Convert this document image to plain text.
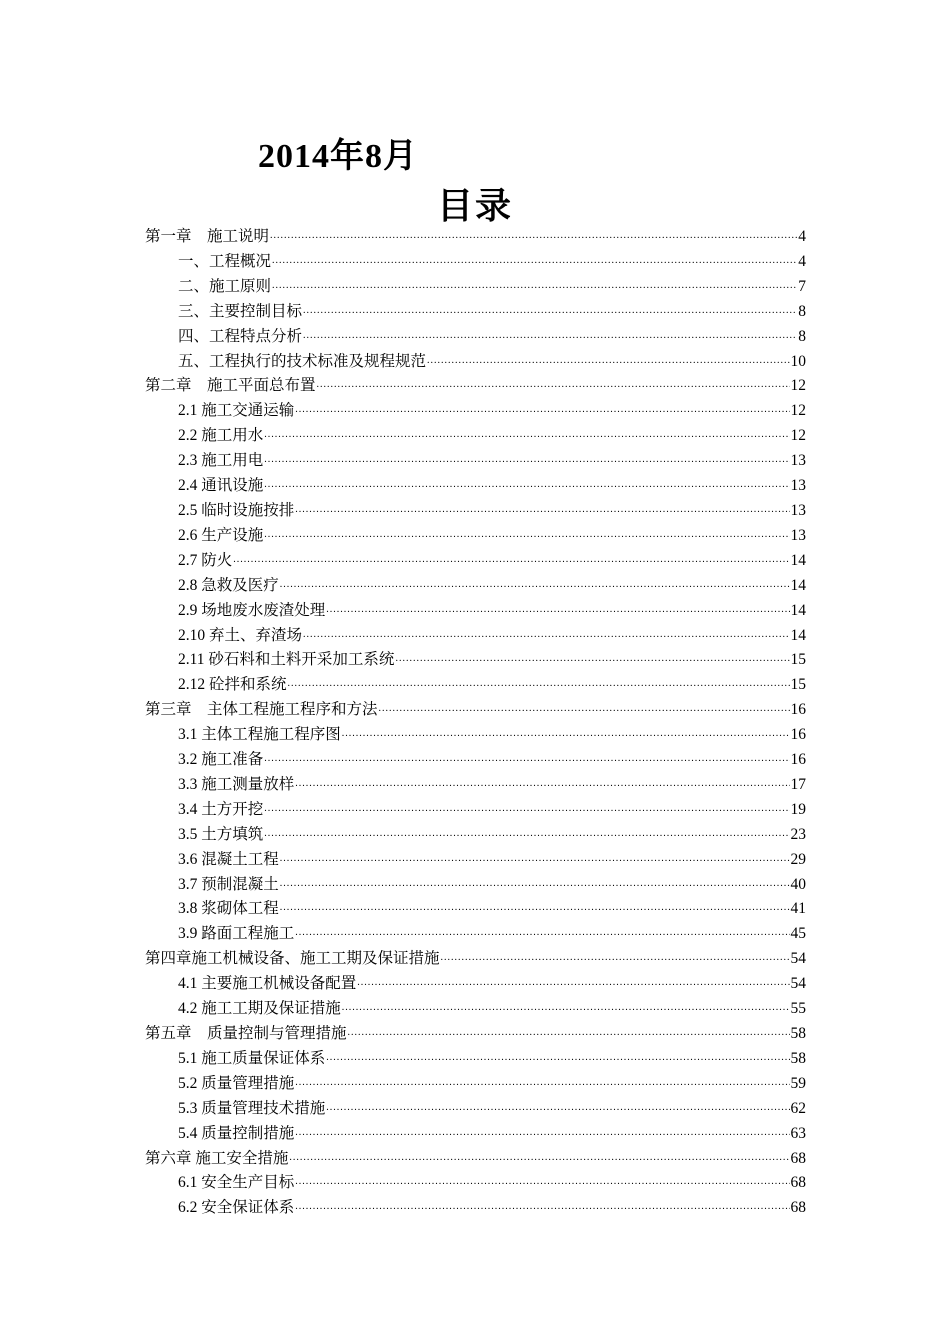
2014年8月
目录
第一章　施工说明 .....	4
一、工程概况 .....	4
二、施工原则 .....	7
三、主要控制目标 .....	8
四、工程特点分析 .....	8
五、工程执行的技术标准及规程规范 .....	10
第二章　施工平面总布置 .....	12
2.1 施工交通运输 .....	12
2.2 施工用水 .....	12
2.3 施工用电 .....	13
2.4 通讯设施 .....	13
2.5 临时设施按排 .....	13
2.6 生产设施 .....	13
2.7 防火 .....	14
2.8 急救及医疗 .....	14
2.9 场地废水废渣处理 .....	14
2.10 弃土、弃渣场 .....	14
2.11 砂石料和土料开采加工系统 .....	15
2.12 砼拌和系统 .....	15
第三章　主体工程施工程序和方法 .....	16
3.1 主体工程施工程序图 .....	16
3.2 施工准备 .....	16
3.3 施工测量放样 .....	17
3.4 土方开挖 .....	19
3.5 土方填筑 .....	23
3.6 混凝土工程 .....	29
3.7 预制混凝土 .....	40
3.8 浆砌体工程 .....	41
3.9 路面工程施工 .....	45
第四章施工机械设备、施工工期及保证措施 .....	54
4.1 主要施工机械设备配置 .....	54
4.2 施工工期及保证措施 .....	55
第五章　质量控制与管理措施 .....	58
5.1 施工质量保证体系 .....	58
5.2 质量管理措施 .....	59
5.3 质量管理技术措施 .....	62
5.4 质量控制措施 .....	63
第六章 施工安全措施 .....	68
6.1 安全生产目标 .....	68
6.2 安全保证体系 .....	68
